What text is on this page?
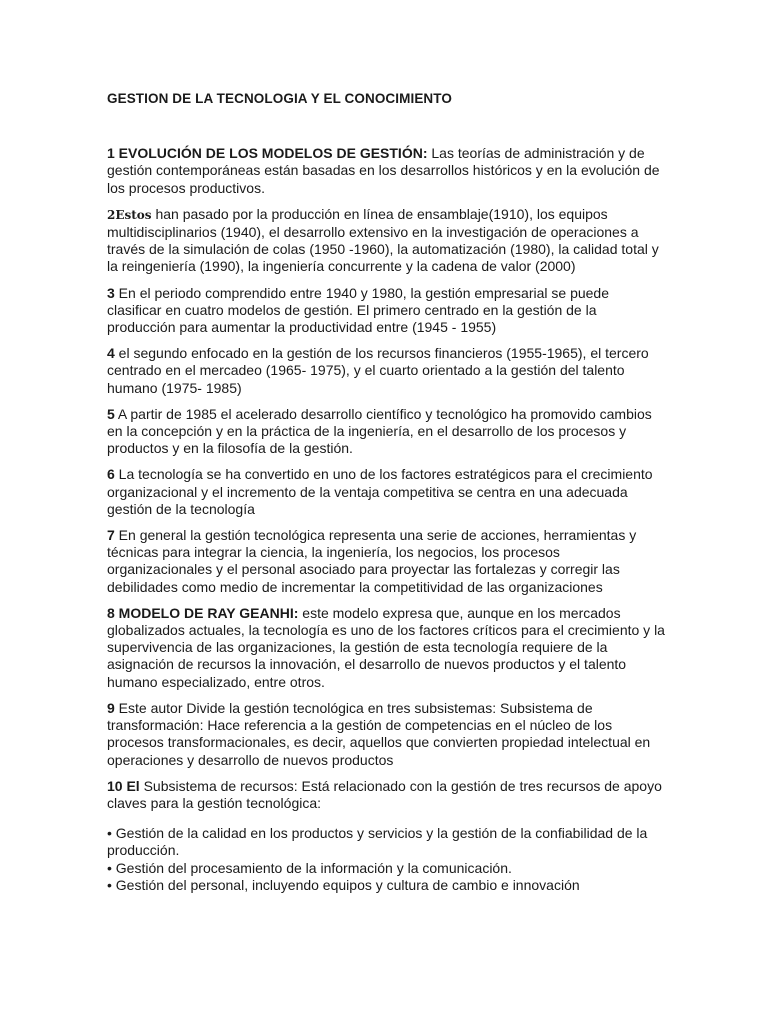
GESTION DE LA TECNOLOGIA Y EL CONOCIMIENTO

1 EVOLUCIÓN DE LOS MODELOS DE GESTIÓN: Las teorías de administración y de gestión contemporáneas están basadas en los desarrollos históricos y en la evolución de los procesos productivos.

2Estos han pasado por la producción en línea de ensamblaje(1910), los equipos multidisciplinarios (1940), el desarrollo extensivo en la investigación de operaciones a través de la simulación de colas (1950 -1960), la automatización (1980), la calidad total y la reingeniería (1990), la ingeniería concurrente y la cadena de valor (2000)

3 En el periodo comprendido entre 1940 y 1980, la gestión empresarial se puede clasificar en cuatro modelos de gestión. El primero centrado en la gestión de la producción para aumentar la productividad entre (1945 - 1955)

4 el segundo enfocado en la gestión de los recursos financieros (1955-1965), el tercero centrado en el mercadeo (1965- 1975), y el cuarto orientado a la gestión del talento humano (1975- 1985)

5 A partir de 1985 el acelerado desarrollo científico y tecnológico ha promovido cambios en la concepción y en la práctica de la ingeniería, en el desarrollo de los procesos y productos y en la filosofía de la gestión.

6 La tecnología se ha convertido en uno de los factores estratégicos para el crecimiento organizacional y el incremento de la ventaja competitiva se centra en una adecuada gestión de la tecnología

7 En general la gestión tecnológica representa una serie de acciones, herramientas y técnicas para integrar la ciencia, la ingeniería, los negocios, los procesos organizacionales y el personal asociado para proyectar las fortalezas y corregir las debilidades como medio de incrementar la competitividad de las organizaciones

8 MODELO DE RAY GEANHI: este modelo expresa que, aunque en los mercados globalizados actuales, la tecnología es uno de los factores críticos para el crecimiento y la supervivencia de las organizaciones, la gestión de esta tecnología requiere de la asignación de recursos la innovación, el desarrollo de nuevos productos y el talento humano especializado, entre otros.

9 Este autor Divide la gestión tecnológica en tres subsistemas: Subsistema de transformación: Hace referencia a la gestión de competencias en el núcleo de los procesos transformacionales, es decir, aquellos que convierten propiedad intelectual en operaciones y desarrollo de nuevos productos

10 El Subsistema de recursos: Está relacionado con la gestión de tres recursos de apoyo claves para la gestión tecnológica:

• Gestión de la calidad en los productos y servicios y la gestión de la confiabilidad de la producción.
• Gestión del procesamiento de la información y la comunicación.
• Gestión del personal, incluyendo equipos y cultura de cambio e innovación
